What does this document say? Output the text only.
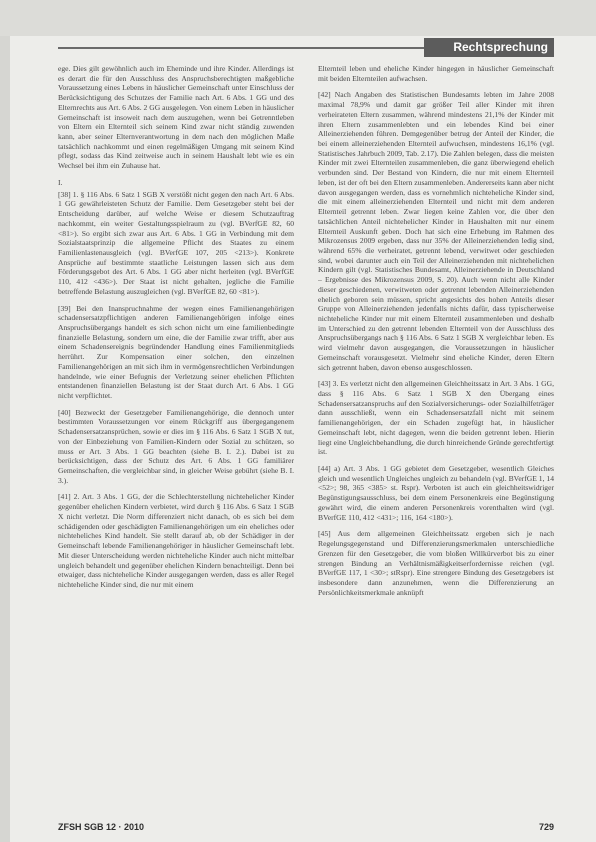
Rechtsprechung

ege. Dies gilt gewöhnlich auch im Eheminde und ihre Kinder. Allerdings ist es derart die für den Ausschluss des Anspruchsberechtigten maßgebliche Voraussetzung eines Lebens in häuslicher Gemeinschaft unter Einschluss der Berücksichtigung des Schutzes der Familie nach Art. 6 Abs. 1 GG und des Elternrechts aus Art. 6 Abs. 2 GG ausgelegen. Von einem Leben in häuslicher Gemeinschaft ist insoweit nach dem auszugehen, wenn bei Getrenntleben von Eltern ein Elternteil sich seinem Kind zwar nicht ständig zuwenden kann, aber seiner Elternverantwortung in dem nach den möglichen Maße tatsächlich nachkommt und einen regelmäßigen Umgang mit seinem Kind pflegt, sodass das Kind zeitweise auch in seinem Haushalt lebt wie es ein Wechsel bei ihm ein Zuhause hat.

I.

[38] 1. § 116 Abs. 6 Satz 1 SGB X verstößt nicht gegen den nach Art. 6 Abs. 1 GG gewährleisteten Schutz der Familie. Dem Gesetzgeber steht bei der Entscheidung darüber, auf welche Weise er diesem Schutzauftrag nachkommt, ein weiter Gestaltungsspielraum zu (vgl. BVerfGE 82, 60 <81>). So ergibt sich zwar aus Art. 6 Abs. 1 GG in Verbindung mit dem Sozialstaatsprinzip die allgemeine Pflicht des Staates zu einem Familienlastenausgleich (vgl. BVerfGE 107, 205 <213>). Konkrete Ansprüche auf bestimmte staatliche Leistungen lassen sich aus dem Förderungsgebot des Art. 6 Abs. 1 GG aber nicht herleiten (vgl. BVerfGE 110, 412 <436>). Der Staat ist nicht gehalten, jegliche die Familie betreffende Belastung auszugleichen (vgl. BVerfGE 82, 60 <81>).

[39] Bei den Inanspruchnahme der wegen eines Familienangehörigen schadensersatzpflichtigen anderen Familienangehörigen infolge eines Anspruchsübergangs handelt es sich schon nicht um eine familienbedingte finanzielle Belastung, sondern um eine, die der Familie zwar trifft, aber aus einem Schadensereignis begründender Handlung eines Familienmitglieds herrührt. Zur Kompensation einer solchen, den einzelnen Familienangehörigen an mit sich ihm in vermögensrechtlichen Verbindungen handelnde, wie einer Befugnis der Verletzung seiner ehelichen Pflichten entstandenen finanziellen Belastung ist der Staat durch Art. 6 Abs. 1 GG nicht verpflichtet.

[40] Bezweckt der Gesetzgeber Familienangehörige, die dennoch unter bestimmten Voraussetzungen vor einem Rückgriff aus übergegangenem Schadensersatzansprüchen, sowie er dies im § 116 Abs. 6 Satz 1 SGB X tut, von der Einbeziehung von Familien-Kindern oder Sozial zu schützen, so muss er Art. 3 Abs. 1 GG beachten (siehe B. I. 2.). Dabei ist zu berücksichtigen, dass der Schutz des Art. 6 Abs. 1 GG familiärer Gemeinschaften, die vergleichbar sind, in gleicher Weise gebührt (siehe B. I. 3.).

[41] 2. Art. 3 Abs. 1 GG, der die Schlechterstellung nichtehelicher Kinder gegenüber ehelichen Kindern verbietet, wird durch § 116 Abs. 6 Satz 1 SGB X nicht verletzt. Die Norm differenziert nicht danach, ob es sich bei dem schädigenden oder geschädigten Familienangehörigen um ein eheliches oder nichteheliches Kind handelt. Sie stellt darauf ab, ob der Schädiger in der Gemeinschaft lebende Familienangehöriger in häuslicher Gemeinschaft lebt. Mit dieser Unterscheidung werden nichteheliche Kinder auch nicht mittelbar ungleich behandelt und gegenüber ehelichen Kindern benachteiligt. Denn bei etwaiger, dass nichteheliche Kinder ausgegangen werden, dass es aller Regel nichteheliche Kinder sind, die nur mit einem

Elternteil leben und eheliche Kinder hingegen in häuslicher Gemeinschaft mit beiden Elternteilen aufwachsen.

[42] Nach Angaben des Statistischen Bundesamts lebten im Jahre 2008 maximal 78,9% und damit gar größer Teil aller Kinder mit ihren verheirateten Eltern zusammen, während mindestens 21,1% der Kinder mit ihren Eltern zusammenlebten und ein lebendes Kind bei einer Alleinerziehenden führen. Demgegenüber betrug der Anteil der Kinder, die bei einem alleinerziehenden Elternteil aufwuchsen, mindestens 16,1% (vgl. Statistisches Jahrbuch 2009, Tab. 2.17). Die Zahlen belegen, dass die meisten Kinder mit zwei Elternteilen zusammenleben, die ganz überwiegend ehelich verbunden sind. Der Bestand von Kindern, die nur mit einem Elternteil leben, ist der oft bei den Eltern zusammenleben. Andererseits kann aber nicht davon ausgegangen werden, dass es vornehmlich nichteheliche Kinder sind, die mit einem alleinerziehenden Elternteil und nicht mit dem anderen Elternteil getrennt leben. Zwar liegen keine Zahlen vor, die über den tatsächlichen Anteil nichtehelicher Kinder in Haushalten mit nur einem Elternteil Auskunft geben. Doch hat sich eine Erhebung im Rahmen des Mikrozensus 2009 ergeben, dass nur 35% der Alleinerziehenden ledig sind, während 65% die verheiratet, getrennt lebend, verwitwet oder geschieden sind, wobei darunter auch ein Teil der Alleinerziehenden mit nichtehelichen Kindern gilt (vgl. Statistisches Bundesamt, Alleinerziehende in Deutschland – Ergebnisse des Mikrozensus 2009, S. 20). Auch wenn nicht alle Kinder dieser geschiedenen, verwitweten oder getrennt lebenden Alleinerziehenden ehelich geboren sein müssen, spricht angesichts des hohen Anteils dieser Gruppe von Alleinerziehenden jedenfalls nichts dafür, dass typischerweise nichteheliche Kinder nur mit einem Elternteil zusammenleben und deshalb im Unterschied zu den getrennt lebenden Elternteil von der Ausschluss des Anspruchsübergangs nach § 116 Abs. 6 Satz 1 SGB X vergleichbar leben. Es wird vielmehr davon ausgegangen, die Voraussetzungen in häuslicher Gemeinschaft vorausgesetzt. Vielmehr sind eheliche Kinder, deren Eltern sich getrennt haben, davon ebenso ausgeschlossen.

[43] 3. Es verletzt nicht den allgemeinen Gleichheitssatz in Art. 3 Abs. 1 GG, dass § 116 Abs. 6 Satz 1 SGB X den Übergang eines Schadensersatzanspruchs auf den Sozialversicherungs- oder Sozialhilfeträger dann ausschließt, wenn ein Schadensersatzfall nicht mit seinem familienangehörigen, der ein Schaden zugefügt hat, in häuslicher Gemeinschaft lebt, nicht dagegen, wenn die beiden getrennt leben. Hierin liegt eine Ungleichbehandlung, die durch hinreichende Gründe gerechtfertigt ist.

[44] a) Art. 3 Abs. 1 GG gebietet dem Gesetzgeber, wesentlich Gleiches gleich und wesentlich Ungleiches ungleich zu behandeln (vgl. BVerfGE 1, 14 <52>; 98, 365 <385> st. Rspr). Verboten ist auch ein gleichheitswidriger Begünstigungsausschluss, bei dem einem Personenkreis eine Begünstigung gewährt wird, die einem anderen Personenkreis vorenthalten wird (vgl. BVerfGE 110, 412 <431>; 116, 164 <180>).

[45] Aus dem allgemeinen Gleichheitssatz ergeben sich je nach Regelungsgegenstand und Differenzierungsmerkmalen unterschiedliche Grenzen für den Gesetzgeber, die vom bloßen Willkürverbot bis zu einer strengen Bindung an Verhältnismäßigkeitserfordernisse reichen (vgl. BVerfGE 117, 1 <30>; stRspr). Eine strengere Bindung des Gesetzgebers ist insbesondere dann anzunehmen, wenn die Differenzierung an Persönlichkeitsmerkmale anknüpft

ZFSH SGB 12 · 2010	729
